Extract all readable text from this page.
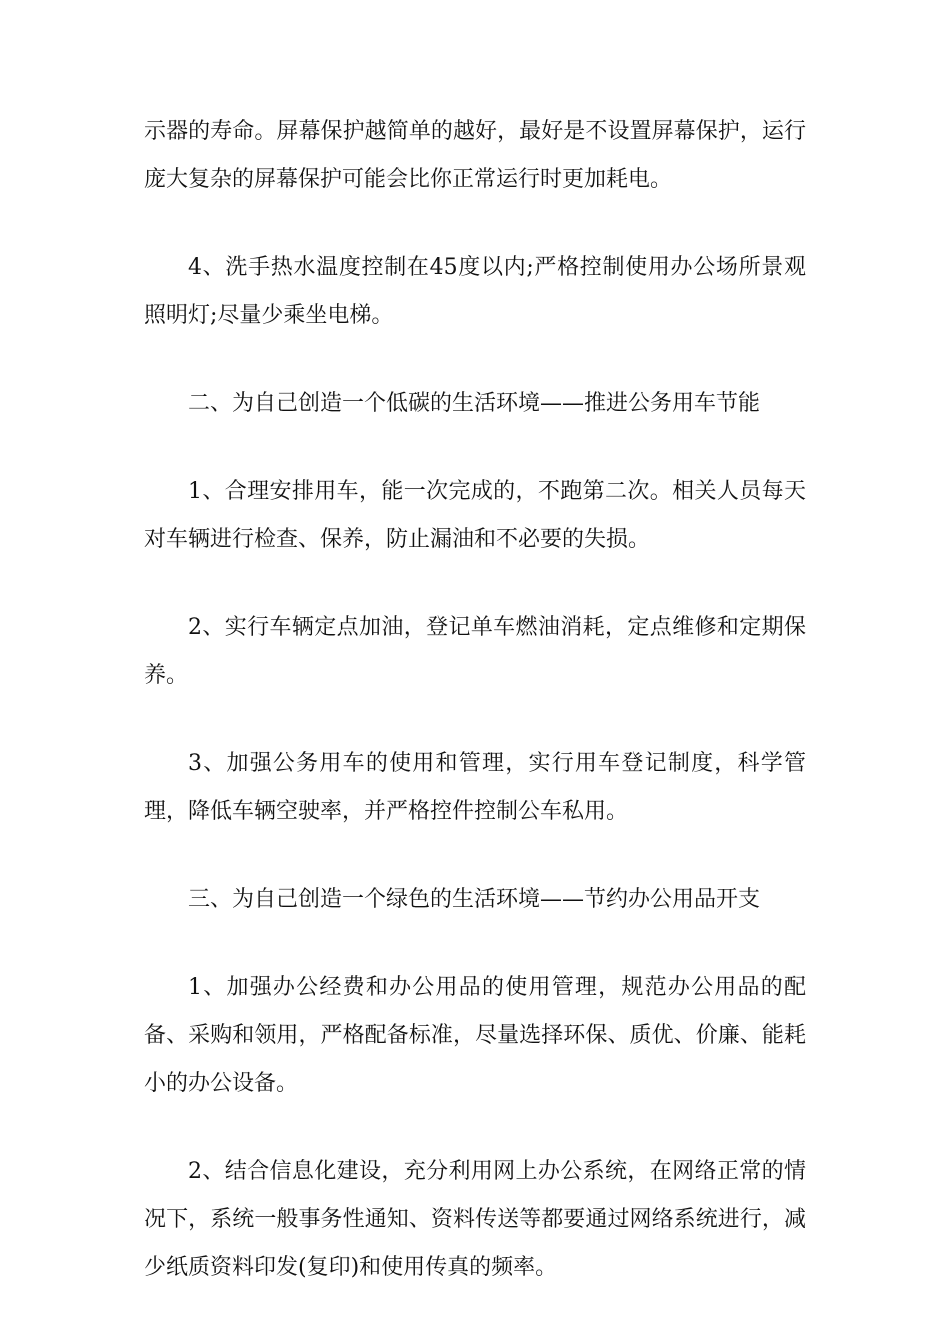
示器的寿命。屏幕保护越简单的越好，最好是不设置屏幕保护，运行庞大复杂的屏幕保护可能会比你正常运行时更加耗电。

4、洗手热水温度控制在45度以内;严格控制使用办公场所景观照明灯;尽量少乘坐电梯。

二、为自己创造一个低碳的生活环境——推进公务用车节能

1、合理安排用车，能一次完成的，不跑第二次。相关人员每天对车辆进行检查、保养，防止漏油和不必要的失损。

2、实行车辆定点加油，登记单车燃油消耗，定点维修和定期保养。

3、加强公务用车的使用和管理，实行用车登记制度，科学管理，降低车辆空驶率，并严格控件控制公车私用。

三、为自己创造一个绿色的生活环境——节约办公用品开支

1、加强办公经费和办公用品的使用管理，规范办公用品的配备、采购和领用，严格配备标准，尽量选择环保、质优、价廉、能耗小的办公设备。

2、结合信息化建设，充分利用网上办公系统，在网络正常的情况下，系统一般事务性通知、资料传送等都要通过网络系统进行，减少纸质资料印发(复印)和使用传真的频率。
